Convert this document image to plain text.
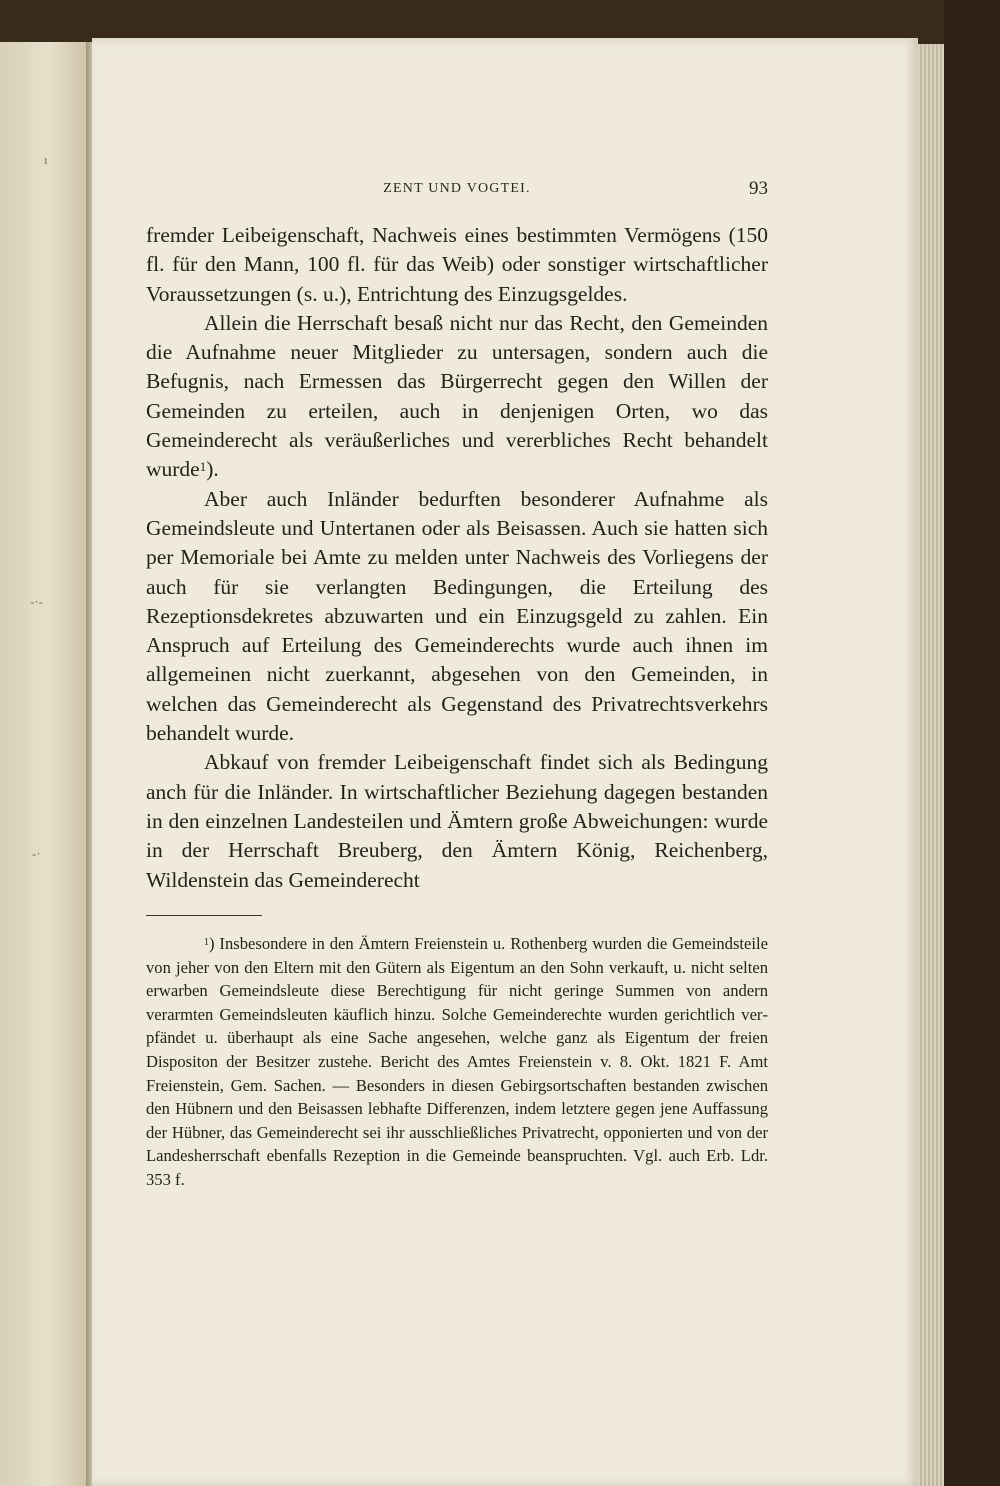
ı
-·-
-·
ZENT UND VOGTEI.	93

fremder Leibeigenschaft, Nachweis eines bestimmten Vermögens (150 fl. für den Mann, 100 fl. für das Weib) oder sonstiger wirtschaftlicher Voraussetzungen (s. u.), Entrichtung des Einzugsgeldes.

Allein die Herrschaft besaß nicht nur das Recht, den Gemeinden die Aufnahme neuer Mitglieder zu untersagen, sondern auch die Befugnis, nach Ermessen das Bürgerrecht gegen den Willen der Gemeinden zu erteilen, auch in denjenigen Orten, wo das Gemeinderecht als veräußerliches und vererbliches Recht behandelt wurde$^1$).

Aber auch Inländer bedurften besonderer Aufnahme als Gemeindsleute und Untertanen oder als Beisassen. Auch sie hatten sich per Memoriale bei Amte zu melden unter Nachweis des Vorliegens der auch für sie verlangten Bedingungen, die Erteilung des Rezeptionsdekretes abzuwarten und ein Einzugsgeld zu zahlen. Ein Anspruch auf Erteilung des Gemeinderechts wurde auch ihnen im allgemeinen nicht zuerkannt, abgesehen von den Gemeinden, in welchen das Gemeinderecht als Gegenstand des Privatrechtsverkehrs behandelt wurde.

Abkauf von fremder Leibeigenschaft findet sich als Bedingung anch für die Inländer. In wirtschaftlicher Beziehung dagegen bestanden in den einzelnen Landesteilen und Ämtern große Abweichungen: wurde in der Herrschaft Breuberg, den Ämtern König, Reichenberg, Wildenstein das Gemeinderecht

$^1$) Insbesondere in den Ämtern Freienstein u. Rothenberg wurden die Gemeindsteile von jeher von den Eltern mit den Gütern als Eigentum an den Sohn verkauft, u. nicht selten erwarben Gemeindsleute diese Berechtigung für nicht geringe Summen von andern verarmten Gemeindsleuten käuflich hinzu. Solche Gemeinderechte wurden gerichtlich verpfändet u. überhaupt als eine Sache angesehen, welche ganz als Eigentum der freien Dispositon der Besitzer zustehe. Bericht des Amtes Freienstein v. 8. Okt. 1821 F. Amt Freienstein, Gem. Sachen. — Besonders in diesen Gebirgsortschaften bestanden zwischen den Hübnern und den Beisassen lebhafte Differenzen, indem letztere gegen jene Auffassung der Hübner, das Gemeinderecht sei ihr ausschließliches Privatrecht, opponierten und von der Landesherrschaft ebenfalls Rezeption in die Gemeinde beanspruchten. Vgl. auch Erb. Ldr. 353 f.
